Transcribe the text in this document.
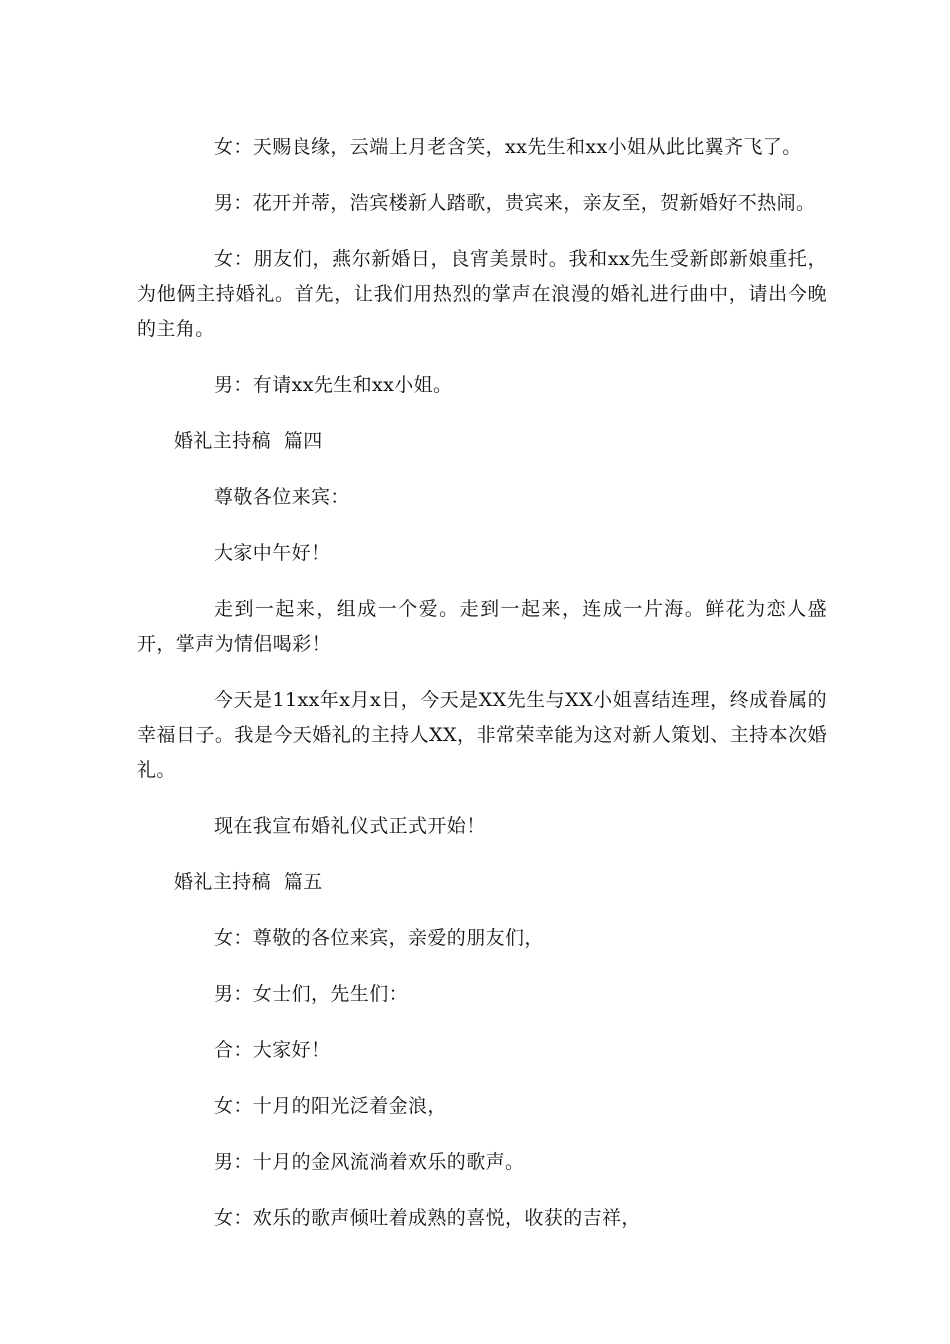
女：天赐良缘，云端上月老含笑，xx先生和xx小姐从此比翼齐飞了。

男：花开并蒂，浩宾楼新人踏歌，贵宾来，亲友至，贺新婚好不热闹。

女：朋友们，燕尔新婚日，良宵美景时。我和xx先生受新郎新娘重托，为他俩主持婚礼。首先，让我们用热烈的掌声在浪漫的婚礼进行曲中，请出今晚的主角。

男：有请xx先生和xx小姐。

婚礼主持稿  篇四

尊敬各位来宾：

大家中午好！

走到一起来，组成一个爱。走到一起来，连成一片海。鲜花为恋人盛开，掌声为情侣喝彩！

今天是11xx年x月x日，今天是XX先生与XX小姐喜结连理，终成眷属的幸福日子。我是今天婚礼的主持人XX，非常荣幸能为这对新人策划、主持本次婚礼。

现在我宣布婚礼仪式正式开始！

婚礼主持稿  篇五

女：尊敬的各位来宾，亲爱的朋友们，

男：女士们，先生们：

合：大家好！

女：十月的阳光泛着金浪，

男：十月的金风流淌着欢乐的歌声。

女：欢乐的歌声倾吐着成熟的喜悦，收获的吉祥，
